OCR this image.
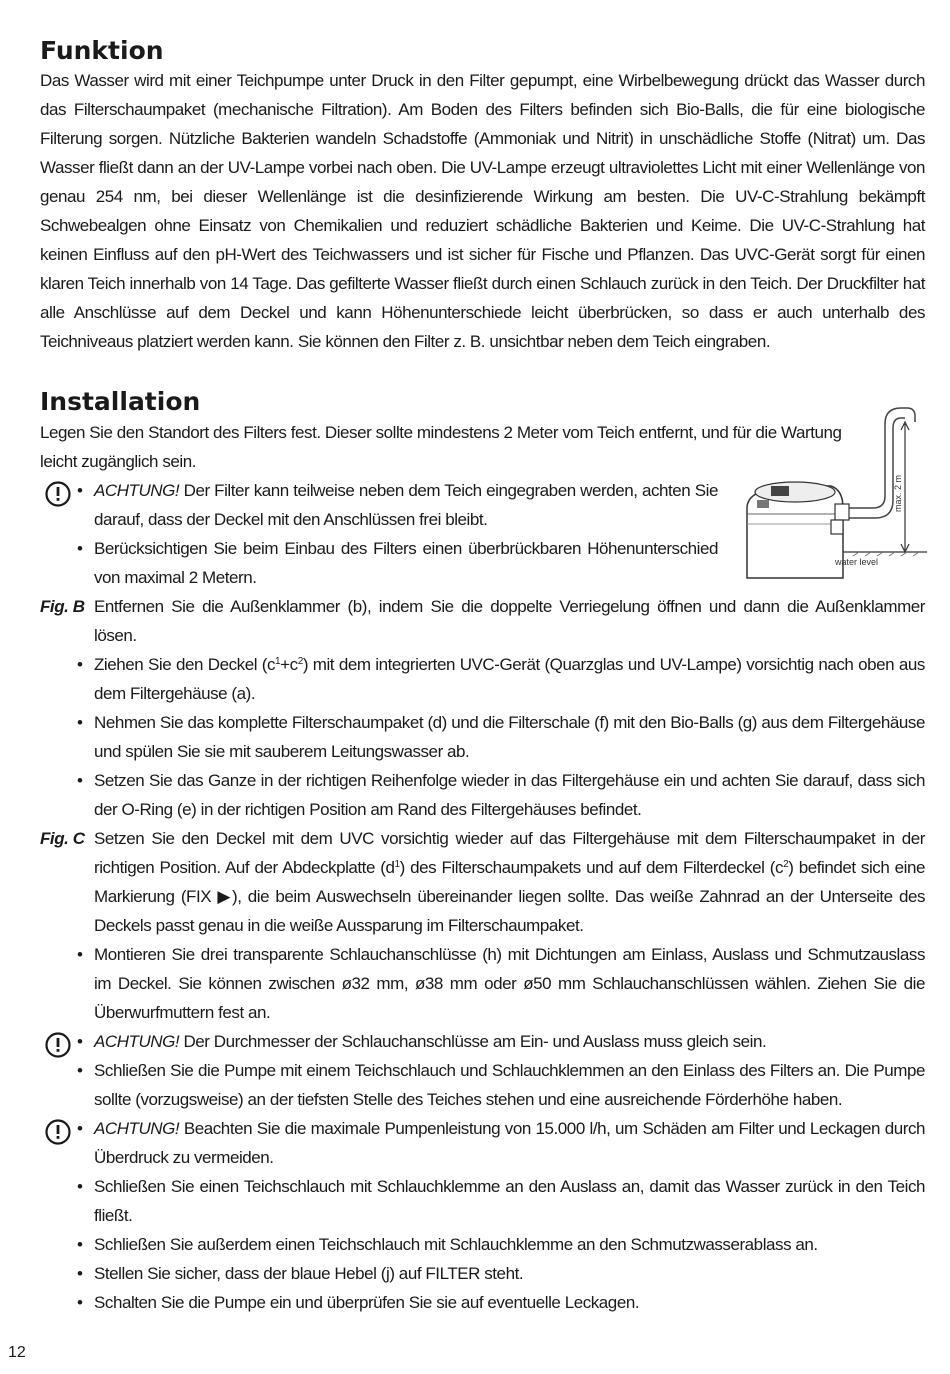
Funktion

Das Wasser wird mit einer Teichpumpe unter Druck in den Filter gepumpt, eine Wirbelbewegung drückt das Wasser durch das Filterschaumpaket (mechanische Filtration). Am Boden des Filters befinden sich Bio-Balls, die für eine biologische Filterung sorgen. Nützliche Bakterien wandeln Schadstoffe (Ammoniak und Nitrit) in unschädliche Stoffe (Nitrat) um. Das Wasser fließt dann an der UV-Lampe vorbei nach oben. Die UV-Lampe erzeugt ultraviolettes Licht mit einer Wellenlänge von genau 254 nm, bei dieser Wellenlänge ist die desinfizierende Wirkung am besten. Die UV-C-Strahlung bekämpft Schwebealgen ohne Einsatz von Chemikalien und reduziert schädliche Bakterien und Keime. Die UV-C-Strahlung hat keinen Einfluss auf den pH-Wert des Teichwassers und ist sicher für Fische und Pflanzen. Das UVC-Gerät sorgt für einen klaren Teich innerhalb von 14 Tage. Das gefilterte Wasser fließt durch einen Schlauch zurück in den Teich. Der Druckfilter hat alle Anschlüsse auf dem Deckel und kann Höhenunterschiede leicht überbrücken, so dass er auch unterhalb des Teichniveaus platziert werden kann. Sie können den Filter z. B. unsichtbar neben dem Teich eingraben.

Installation

Legen Sie den Standort des Filters fest. Dieser sollte mindestens 2 Meter vom Teich entfernt, und für die Wartung leicht zugänglich sein.

max. 2 m
water level
• ACHTUNG! Der Filter kann teilweise neben dem Teich eingegraben werden, achten Sie darauf, dass der Deckel mit den Anschlüssen frei bleibt.

• Berücksichtigen Sie beim Einbau des Filters einen überbrückbaren Höhenunterschied von maximal 2 Metern.

Fig. B Entfernen Sie die Außenklammer (b), indem Sie die doppelte Verriegelung öffnen und dann die Außenklammer lösen.

• Ziehen Sie den Deckel $(c^1+c^2)$ mit dem integrierten UVC-Gerät (Quarzglas und UV-Lampe) vorsichtig nach oben aus dem Filtergehäuse (a).

• Nehmen Sie das komplette Filterschaumpaket (d) und die Filterschale (f) mit den Bio-Balls (g) aus dem Filtergehäuse und spülen Sie sie mit sauberem Leitungswasser ab.

• Setzen Sie das Ganze in der richtigen Reihenfolge wieder in das Filtergehäuse ein und achten Sie darauf, dass sich der O-Ring (e) in der richtigen Position am Rand des Filtergehäuses befindet.

Fig. C Setzen Sie den Deckel mit dem UVC vorsichtig wieder auf das Filtergehäuse mit dem Filterschaumpaket in der richtigen Position. Auf der Abdeckplatte $(d^1)$ des Filterschaumpakets und auf dem Filterdeckel $(c^2)$ befindet sich eine Markierung (FIX ▶), die beim Auswechseln übereinander liegen sollte. Das weiße Zahnrad an der Unterseite des Deckels passt genau in die weiße Aussparung im Filterschaumpaket.

• Montieren Sie drei transparente Schlauchanschlüsse (h) mit Dichtungen am Einlass, Auslass und Schmutzauslass im Deckel. Sie können zwischen ø32 mm, ø38 mm oder ø50 mm Schlauchanschlüssen wählen. Ziehen Sie die Überwurfmuttern fest an.

• ACHTUNG! Der Durchmesser der Schlauchanschlüsse am Ein- und Auslass muss gleich sein.

• Schließen Sie die Pumpe mit einem Teichschlauch und Schlauchklemmen an den Einlass des Filters an. Die Pumpe sollte (vorzugsweise) an der tiefsten Stelle des Teiches stehen und eine ausreichende Förderhöhe haben.

• ACHTUNG! Beachten Sie die maximale Pumpenleistung von 15.000 l/h, um Schäden am Filter und Leckagen durch Überdruck zu vermeiden.

• Schließen Sie einen Teichschlauch mit Schlauchklemme an den Auslass an, damit das Wasser zurück in den Teich fließt.

• Schließen Sie außerdem einen Teichschlauch mit Schlauchklemme an den Schmutzwasserablass an.

• Stellen Sie sicher, dass der blaue Hebel (j) auf FILTER steht.

• Schalten Sie die Pumpe ein und überprüfen Sie sie auf eventuelle Leckagen.

12
